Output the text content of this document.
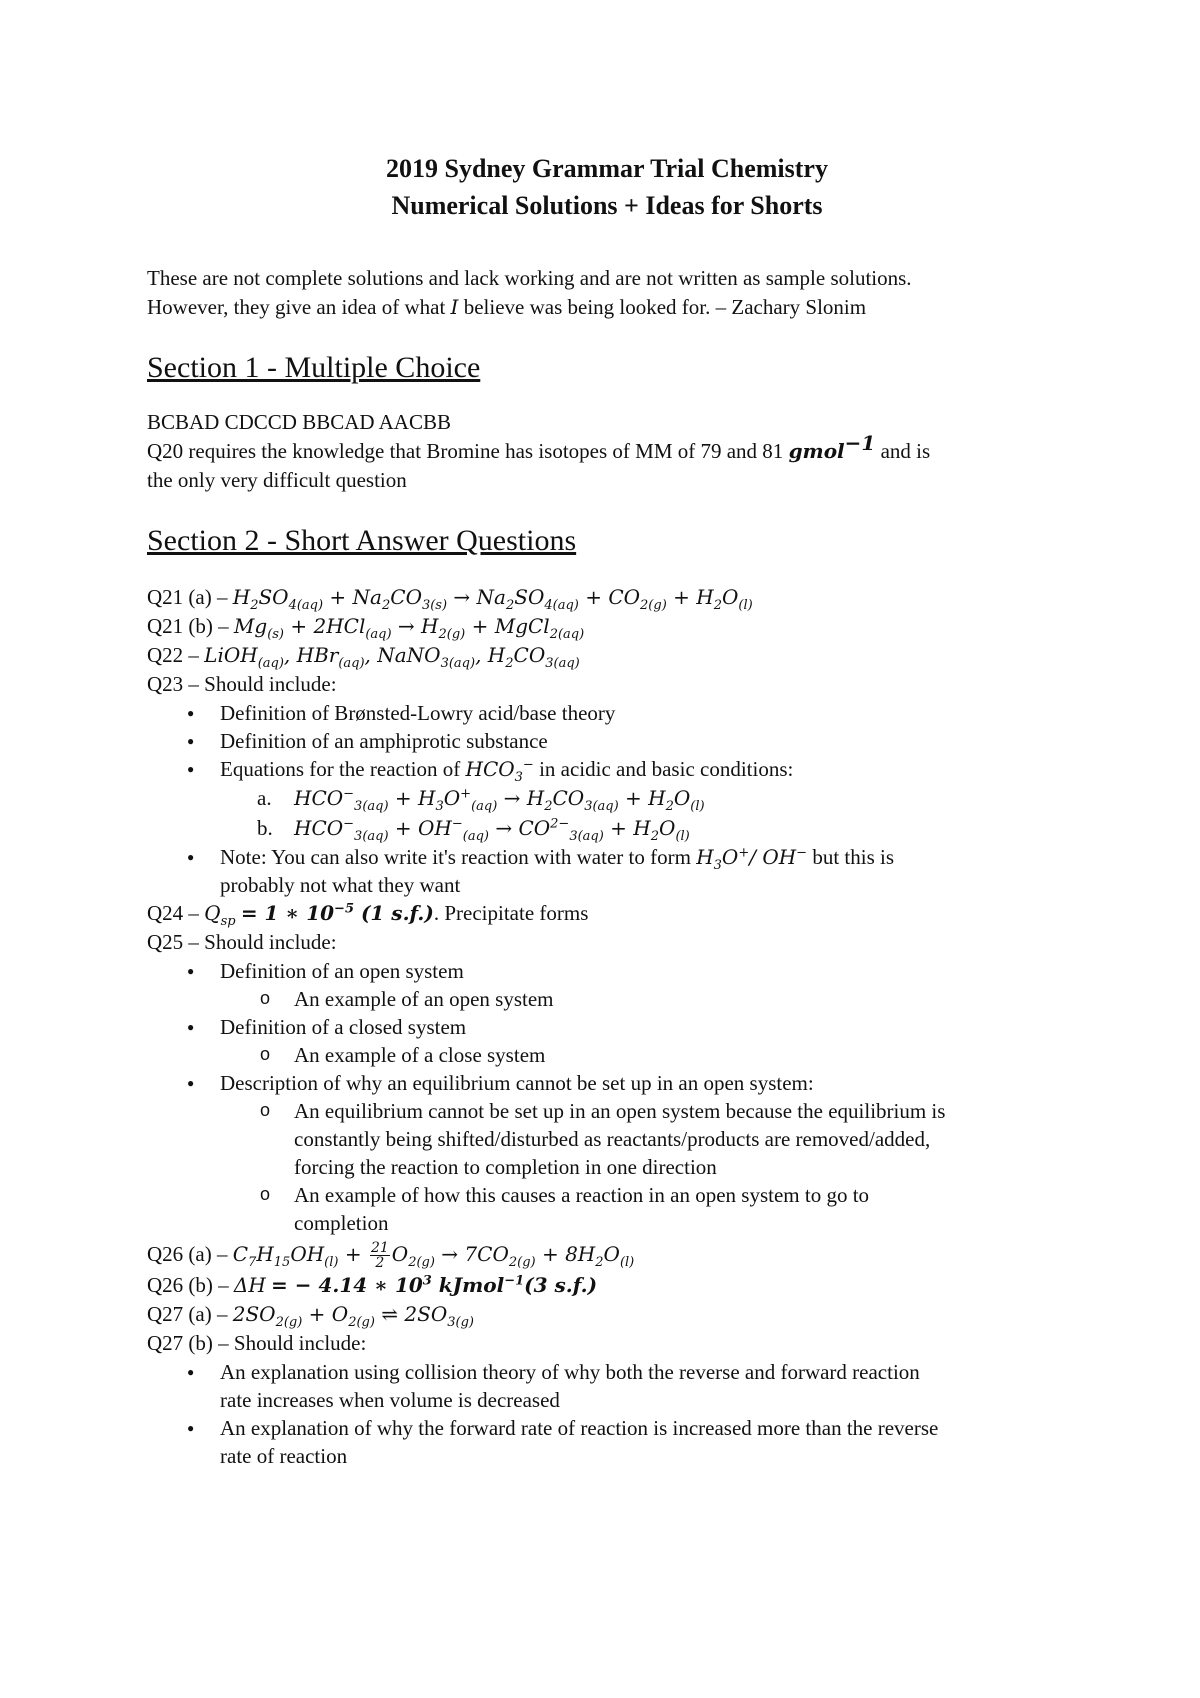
2019 Sydney Grammar Trial Chemistry

Numerical Solutions + Ideas for Shorts

These are not complete solutions and lack working and are not written as sample solutions.
However, they give an idea of what I believe was being looked for. – Zachary Slonim
Section 1 - Multiple Choice

BCBAD CDCCD BBCAD AACBB

Q20 requires the knowledge that Bromine has isotopes of MM of 79 and 81 gmol$^{-1}$ and is

the only very difficult question

Section 2 - Short Answer Questions

Q21 $(a) - H_2SO_{4(aq)} + Na_2CO_{3(s)} \to Na_2SO_{4(aq)} + CO_{2(g)} + H_2O_{(l)}$

Q21 $(b) - Mg_{(s)} + 2HCl_{(aq)} \to H_{2(g)}$ + MgCl$_{2(aq)}$

Q22 – LiOH$_{(aq)}$, HBr$_{(aq)}$, NaNO$_{3(aq)}$, $H_2CO_{3(aq)}$

Q23 – Should include:

● Definition of Brønsted-Lowry acid/base theory
● Definition of an amphiprotic substance
● Equations for the reaction of $HCO_3^-$ in acidic and basic conditions:
a. $HCO^-_{3(aq)} + H_3O^+_{(aq)} \to H_2CO_{3(aq)} + H_2O_{(l)}$
b. $HCO^-_{3(aq)} + OH^-_{(aq)} \to CO^{2-}_{3(aq)} + H_2O_{(l)}$
● Note: You can also write it's reaction with water to form $H_3O^+/$ OH− but this is
probably not what they want

$Q24 - Q_{sp} = 1$ ∗ $10^{-5}$ (1 s.f.). Precipitate forms

Q25 – Should include:

● Definition of an open system
o An example of an open system
● Definition of a closed system
o An example of a close system
● Description of why an equilibrium cannot be set up in an open system:
o An equilibrium cannot be set up in an open system because the equilibrium is
constantly being shifted/disturbed as reactants/products are removed/added,
forcing the reaction to completion in one direction
o An example of how this causes a reaction in an open system to go to
completion

Q26 $(a) - C_7H_{15}OH_{(l)} + \frac{21}{2} O_{2(g)} \to 7CO_{2(g)} + 8H_2O_{(l)}$

Q26 (b) – ΔH = − 4.14 ∗ $10^3$ kJmol$^{-1}$(3 s.f.)

Q27 $(a) - 2SO_{2(g)} + O_{2(g)}$ ⇌ $2SO_{3(g)}$

Q27 (b) – Should include:

● An explanation using collision theory of why both the reverse and forward reaction
rate increases when volume is decreased
● An explanation of why the forward rate of reaction is increased more than the reverse
rate of reaction
